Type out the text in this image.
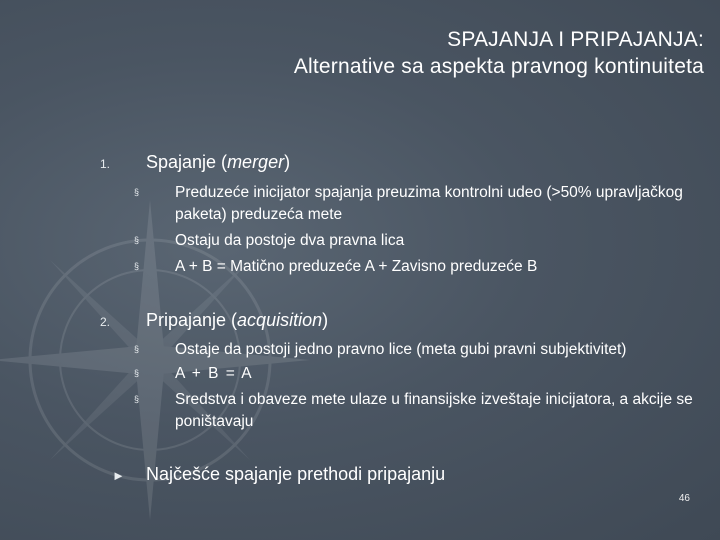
SPAJANJA I PRIPAJANJA:
Alternative sa aspekta pravnog kontinuiteta
1. Spajanje (merger)
§ Preduzeće inicijator spajanja preuzima kontrolni udeo (>50% upravljačkog paketa) preduzeća mete
§ Ostaju da postoje dva pravna lica
§ A + B = Matično preduzeće A + Zavisno preduzeće B
2. Pripajanje (acquisition)
§ Ostaje da postoji jedno pravno lice (meta gubi pravni subjektivitet)
§ A + B = A
§ Sredstva i obaveze mete ulaze u finansijske izveštaje inicijatora, a akcije se poništavaju
► Najčešće spajanje prethodi pripajanju
46
